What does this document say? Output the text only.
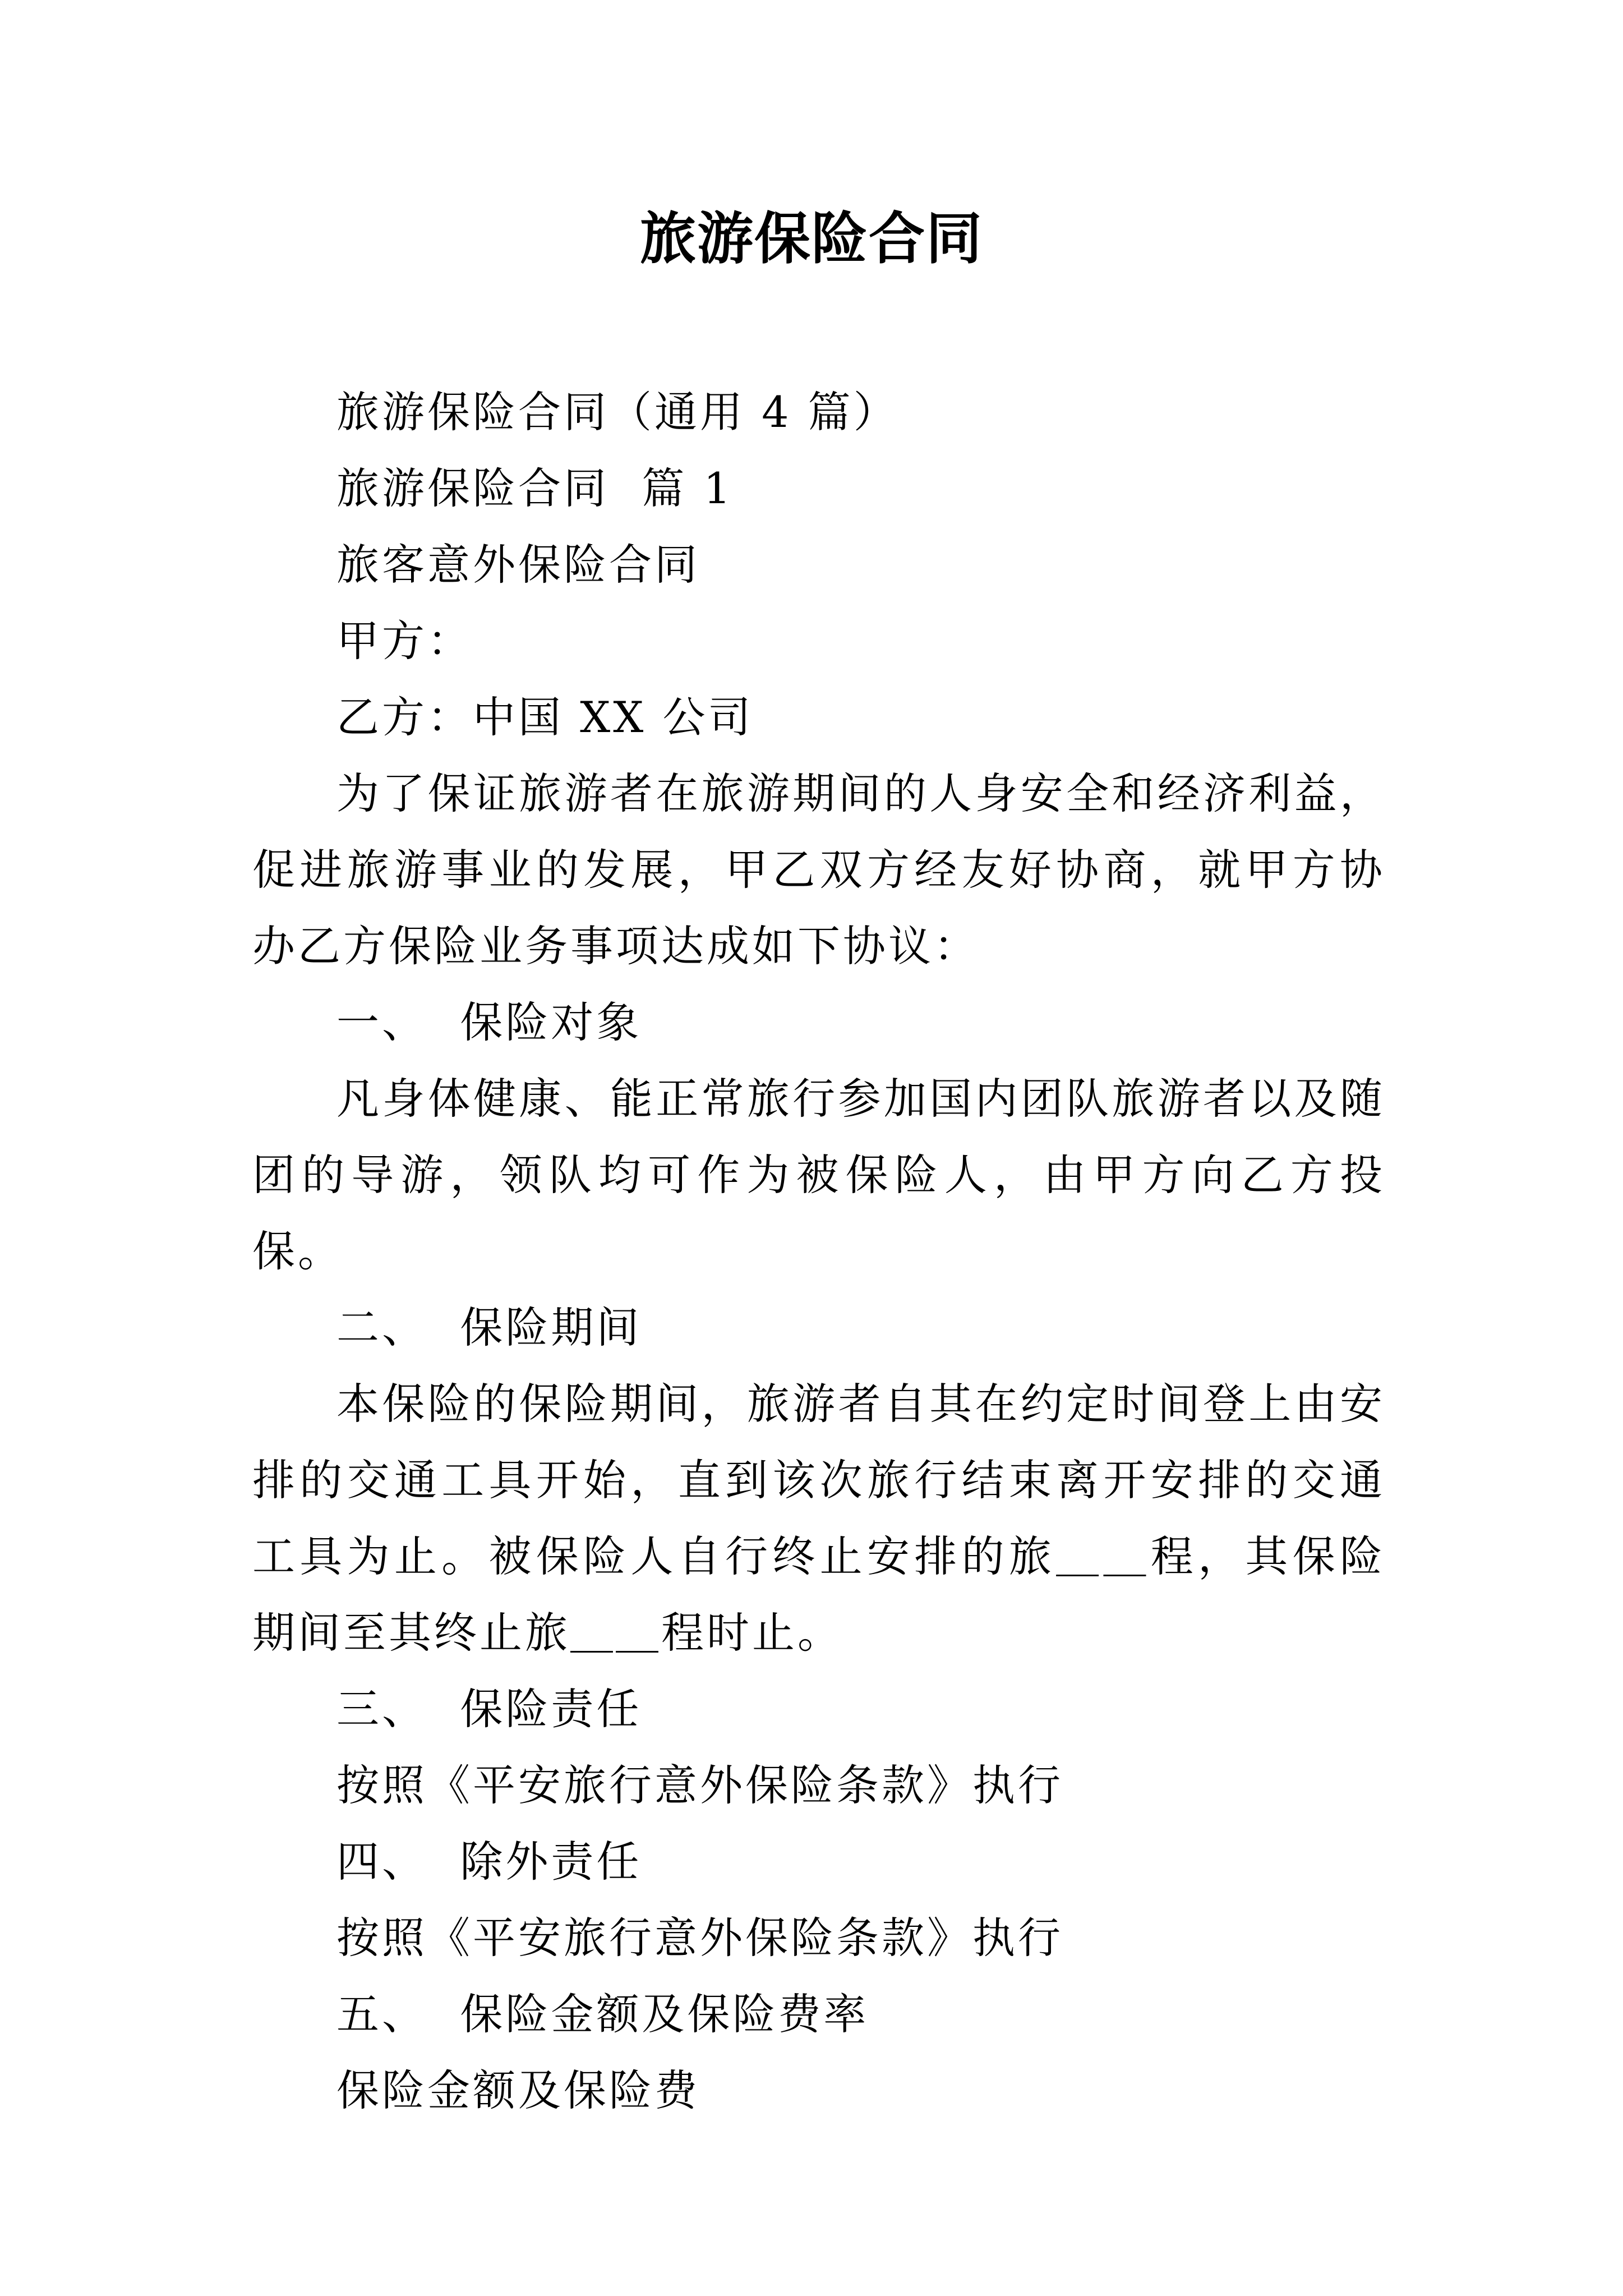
旅游保险合同

旅游保险合同（通用 4 篇）

旅游保险合同  篇 1

旅客意外保险合同

甲方：

乙方：中国 XX 公司

为了保证旅游者在旅游期间的人身安全和经济利益，促进旅游事业的发展，甲乙双方经友好协商，就甲方协办乙方保险业务事项达成如下协议：

一、  保险对象

凡身体健康、能正常旅行参加国内团队旅游者以及随团的导游，领队均可作为被保险人，由甲方向乙方投保。

二、  保险期间

本保险的保险期间，旅游者自其在约定时间登上由安排的交通工具开始，直到该次旅行结束离开安排的交通工具为止。被保险人自行终止安排的旅＿＿程，其保险期间至其终止旅＿＿程时止。

三、  保险责任

按照《平安旅行意外保险条款》执行

四、  除外责任

按照《平安旅行意外保险条款》执行

五、  保险金额及保险费率

保险金额及保险费
